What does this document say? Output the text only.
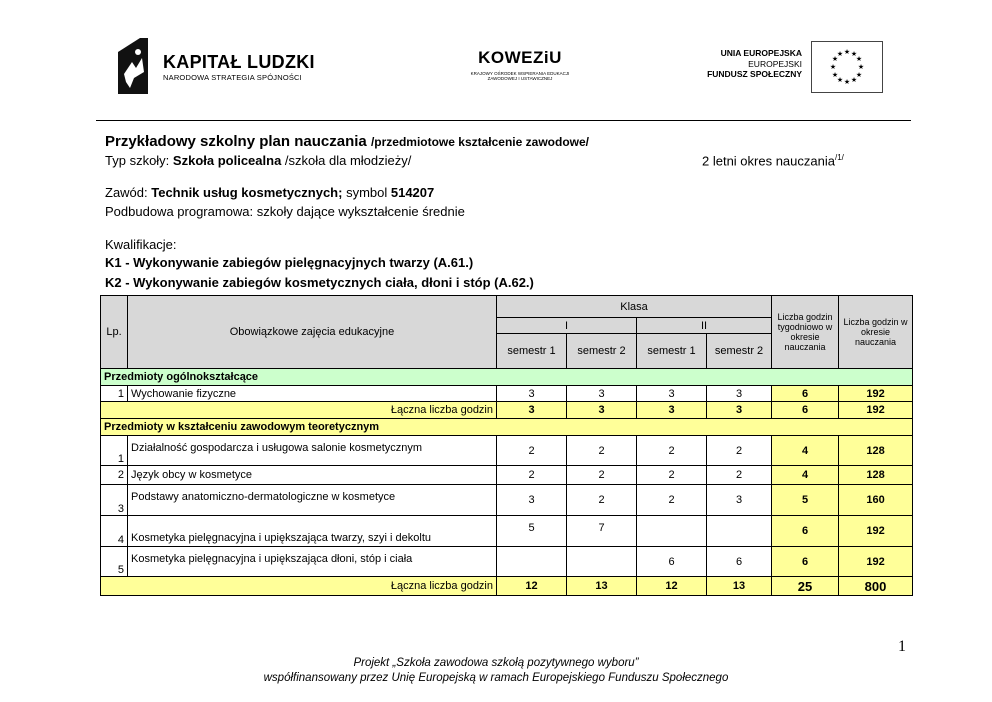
KAPITAŁ LUDZKI
NARODOWA STRATEGIA SPÓJNOŚCI
KOWEZiU
KRAJOWY OŚRODEK WSPIERANIA EDUKACJI ZAWODOWEJ I USTAWICZNEJ
UNIA EUROPEJSKA
EUROPEJSKI
FUNDUSZ SPOŁECZNY
★ ★
★
★
★
★
★
★
★
★
★
★
Przykładowy szkolny plan nauczania /przedmiotowe kształcenie zawodowe/
Typ szkoły: Szkoła policealna /szkoła dla młodzieży/	2 letni okres nauczania$^{/1/}$
Zawód: Technik usług kosmetycznych; symbol 514207
Podbudowa programowa: szkoły dające wykształcenie średnie
Kwalifikacje:
K1 - Wykonywanie zabiegów pielęgnacyjnych twarzy (A.61.)
K2 - Wykonywanie zabiegów kosmetycznych ciała, dłoni i stóp (A.62.)
Lp.	Obowiązkowe zajęcia edukacyjne	Klasa				Liczba godzin tygodniowo w okresie nauczania	Liczba godzin w okresie nauczania
		I		II			
		semestr 1	semestr 2	semestr 1	semestr 2		
Przedmioty ogólnokształcące							
1	Wychowanie fizyczne	3	3	3	3	6	192
Łączna liczba godzin		3	3	3	3	6	192
Przedmioty w kształceniu zawodowym teoretycznym							
1	Działalność gospodarcza i usługowa salonie kosmetycznym	2	2	2	2	4	128
2	Język obcy w kosmetyce	2	2	2	2	4	128
3	Podstawy anatomiczno-dermatologiczne w kosmetyce	3	2	2	3	5	160
4	Kosmetyka pielęgnacyjna i upiększająca twarzy, szyi i dekoltu	5	7			6	192
5	Kosmetyka pielęgnacyjna i upiększająca dłoni, stóp i ciała			6	6	6	192
Łączna liczba godzin		12	13	12	13	25	800
1
Projekt „Szkoła zawodowa szkołą pozytywnego wyboru”
współfinansowany przez Unię Europejską w ramach Europejskiego Funduszu Społecznego
